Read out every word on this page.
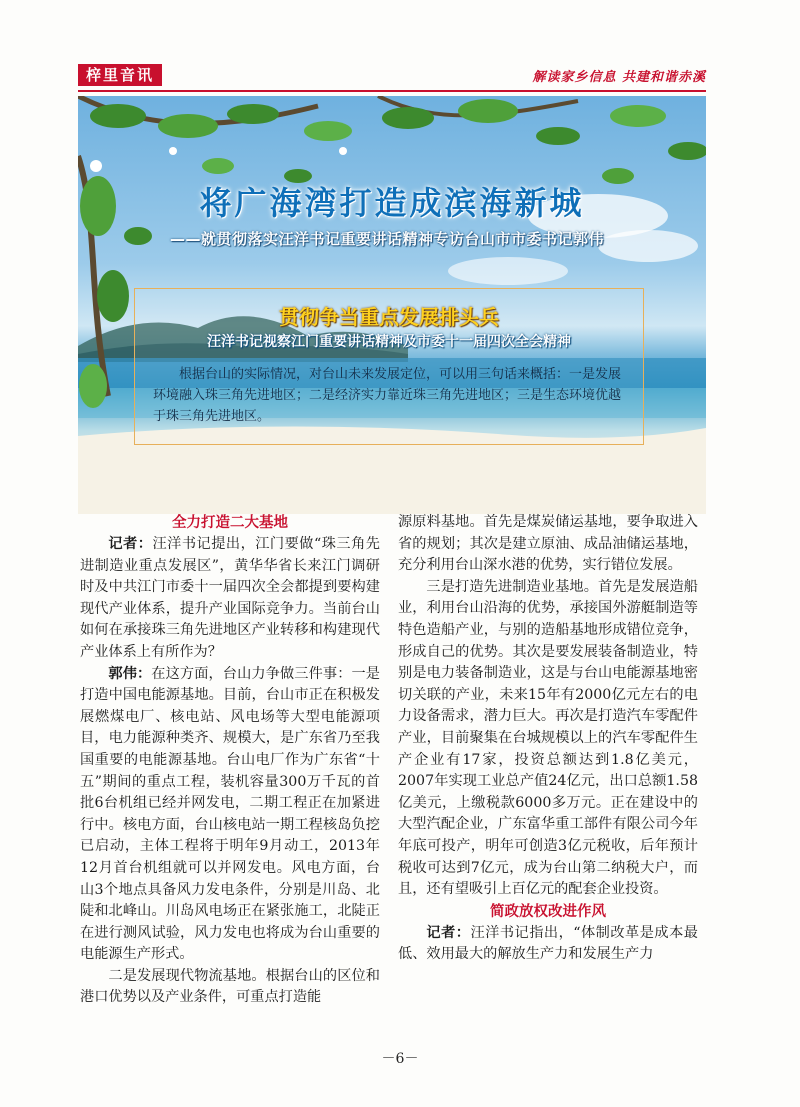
梓里音讯	解读家乡信息 共建和谐赤溪
将广海湾打造成滨海新城
——就贯彻落实汪洋书记重要讲话精神专访台山市市委书记郭伟
贯彻争当重点发展排头兵
汪洋书记视察江门重要讲话精神及市委十一届四次全会精神
根据台山的实际情况，对台山未来发展定位，可以用三句话来概括：一是发展环境融入珠三角先进地区；二是经济实力靠近珠三角先进地区；三是生态环境优越于珠三角先进地区。
全力打造二大基地

记者：汪洋书记提出，江门要做“珠三角先进制造业重点发展区”，黄华华省长来江门调研时及中共江门市委十一届四次全会都提到要构建现代产业体系，提升产业国际竞争力。当前台山如何在承接珠三角先进地区产业转移和构建现代产业体系上有所作为？

郭伟：在这方面，台山力争做三件事：一是打造中国电能源基地。目前，台山市正在积极发展燃煤电厂、核电站、风电场等大型电能源项目，电力能源种类齐、规模大，是广东省乃至我国重要的电能源基地。台山电厂作为广东省“十五”期间的重点工程，装机容量300万千瓦的首批6台机组已经并网发电，二期工程正在加紧进行中。核电方面，台山核电站一期工程核岛负挖已启动，主体工程将于明年9月动工，2013年12月首台机组就可以并网发电。风电方面，台山3个地点具备风力发电条件，分别是川岛、北陡和北峰山。川岛风电场正在紧张施工，北陡正在进行测风试验，风力发电也将成为台山重要的电能源生产形式。

二是发展现代物流基地。根据台山的区位和港口优势以及产业条件，可重点打造能

源原料基地。首先是煤炭储运基地，要争取进入省的规划；其次是建立原油、成品油储运基地，充分利用台山深水港的优势，实行错位发展。

三是打造先进制造业基地。首先是发展造船业，利用台山沿海的优势，承接国外游艇制造等特色造船产业，与别的造船基地形成错位竞争，形成自己的优势。其次是要发展装备制造业，特别是电力装备制造业，这是与台山电能源基地密切关联的产业，未来15年有2000亿元左右的电力设备需求，潜力巨大。再次是打造汽车零配件产业，目前聚集在台城规模以上的汽车零配件生产企业有17家，投资总额达到1.8亿美元，2007年实现工业总产值24亿元，出口总额1.58亿美元，上缴税款6000多万元。正在建设中的大型汽配企业，广东富华重工部件有限公司今年年底可投产，明年可创造3亿元税收，后年预计税收可达到7亿元，成为台山第二纳税大户，而且，还有望吸引上百亿元的配套企业投资。

简政放权改进作风

记者：汪洋书记指出，“体制改革是成本最低、效用最大的解放生产力和发展生产力

－6－
